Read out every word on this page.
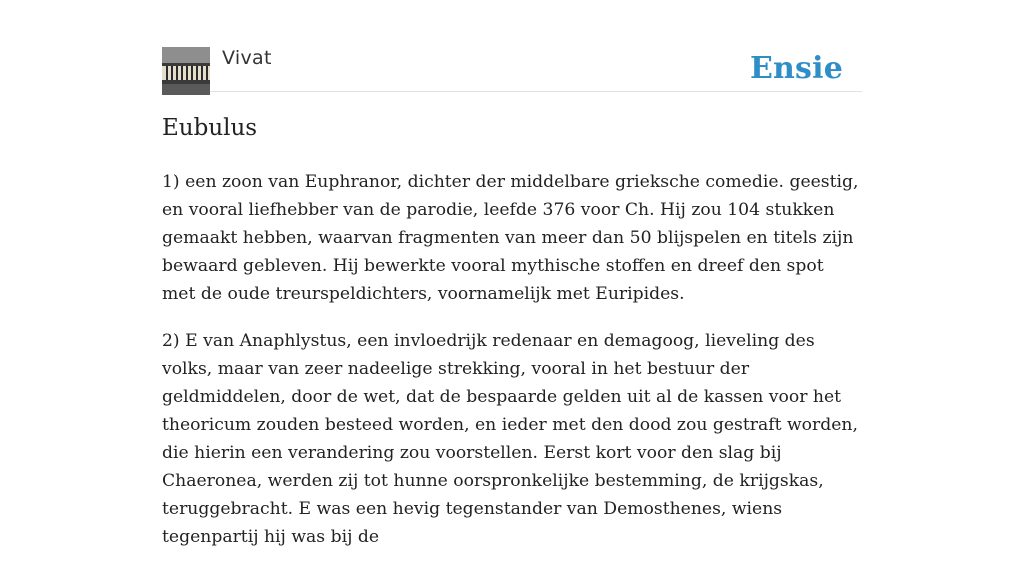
Vivat	Ensie
Eubulus

1) een zoon van Euphranor, dichter der middelbare grieksche comedie. geestig, en vooral liefhebber van de parodie, leefde 376 voor Ch. Hij zou 104 stukken gemaakt hebben, waarvan fragmenten van meer dan 50 blijspelen en titels zijn bewaard gebleven. Hij bewerkte vooral mythische stoffen en dreef den spot met de oude treurspeldichters, voornamelijk met Euripides.

2) E van Anaphlystus, een invloedrijk redenaar en demagoog, lieveling des volks, maar van zeer nadeelige strekking, vooral in het bestuur der geldmiddelen, door de wet, dat de bespaarde gelden uit al de kassen voor het theoricum zouden besteed worden, en ieder met den dood zou gestraft worden, die hierin een verandering zou voorstellen. Eerst kort voor den slag bij Chaeronea, werden zij tot hunne oorspronkelijke bestemming, de krijgskas, teruggebracht. E was een hevig tegenstander van Demosthenes, wiens tegenpartij hij was bij de
